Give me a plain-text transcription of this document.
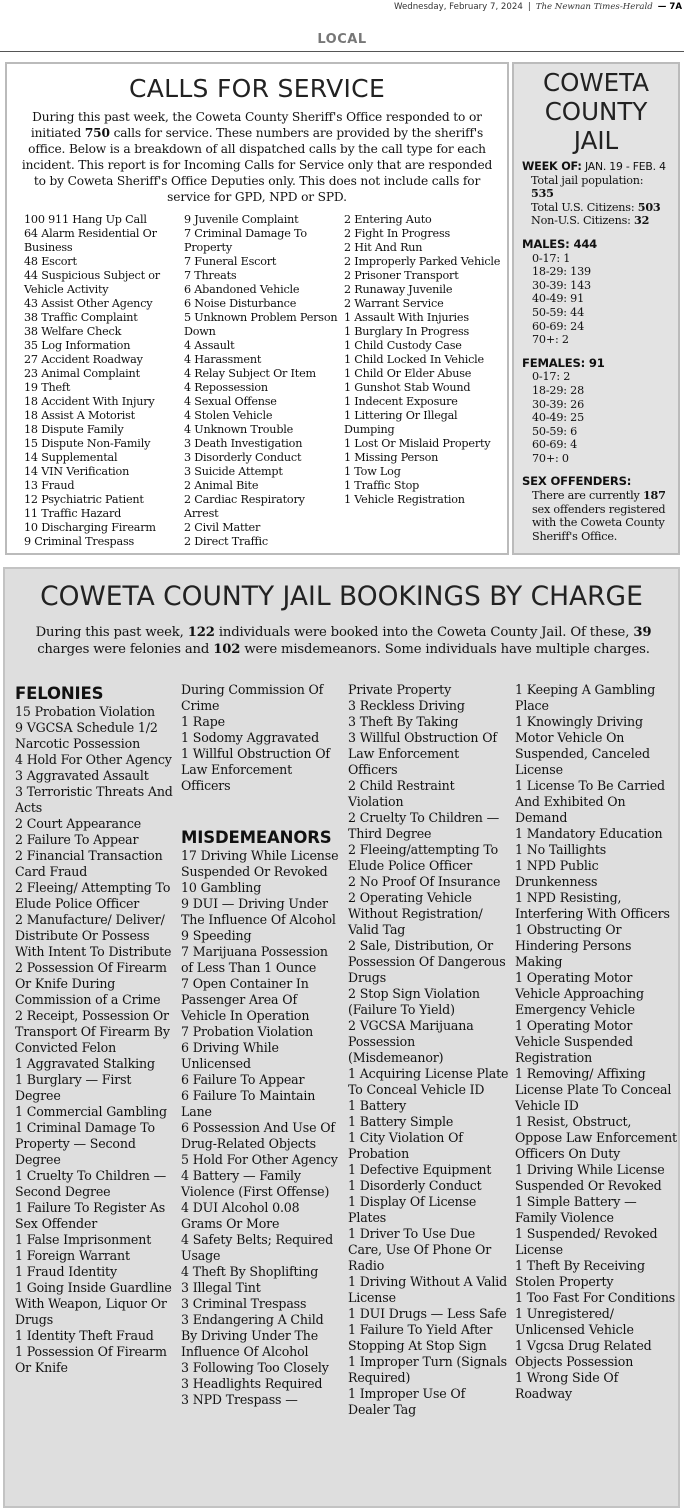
Wednesday, February 7, 2024 | The Newnan Times-Herald — 7A
LOCAL
CALLS FOR SERVICE
During this past week, the Coweta County Sheriff's Office responded to or initiated 750 calls for service. These numbers are provided by the sheriff's office. Below is a breakdown of all dispatched calls by the call type for each incident. This report is for Incoming Calls for Service only that are responded to by Coweta Sheriff's Office Deputies only. This does not include calls for service for GPD, NPD or SPD.
100 911 Hang Up Call
64 Alarm Residential Or Business
48 Escort
44 Suspicious Subject or Vehicle Activity
43 Assist Other Agency
38 Traffic Complaint
38 Welfare Check
35 Log Information
27 Accident Roadway
23 Animal Complaint
19 Theft
18 Accident With Injury
18 Assist A Motorist
18 Dispute Family
15 Dispute Non-Family
14 Supplemental
14 VIN Verification
13 Fraud
12 Psychiatric Patient
11 Traffic Hazard
10 Discharging Firearm
9 Criminal Trespass
9 Juvenile Complaint
7 Criminal Damage To Property
7 Funeral Escort
7 Threats
6 Abandoned Vehicle
6 Noise Disturbance
5 Unknown Problem Person Down
4 Assault
4 Harassment
4 Relay Subject Or Item
4 Repossession
4 Sexual Offense
4 Stolen Vehicle
4 Unknown Trouble
3 Death Investigation
3 Disorderly Conduct
3 Suicide Attempt
2 Animal Bite
2 Cardiac Respiratory Arrest
2 Civil Matter
2 Direct Traffic
2 Entering Auto
2 Fight In Progress
2 Hit And Run
2 Improperly Parked Vehicle
2 Prisoner Transport
2 Runaway Juvenile
2 Warrant Service
1 Assault With Injuries
1 Burglary In Progress
1 Child Custody Case
1 Child Locked In Vehicle
1 Child Or Elder Abuse
1 Gunshot Stab Wound
1 Indecent Exposure
1 Littering Or Illegal Dumping
1 Lost Or Mislaid Property
1 Missing Person
1 Tow Log
1 Traffic Stop
1 Vehicle Registration
COWETA
COUNTY
JAIL
WEEK OF: JAN. 19 - FEB. 4
Total jail population:
535
Total U.S. Citizens: 503
Non-U.S. Citizens: 32
MALES: 444
0-17: 1
18-29: 139
30-39: 143
40-49: 91
50-59: 44
60-69: 24
70+: 2
FEMALES: 91
0-17: 2
18-29: 28
30-39: 26
40-49: 25
50-59: 6
60-69: 4
70+: 0
SEX OFFENDERS:
There are currently 187 sex offenders registered with the Coweta County Sheriff's Office.
COWETA COUNTY JAIL BOOKINGS BY CHARGE
During this past week, 122 individuals were booked into the Coweta County Jail. Of these, 39 charges were felonies and 102 were misdemeanors. Some individuals have multiple charges.
FELONIES
15 Probation Violation
9 VGCSA Schedule 1/2 Narcotic Possession
4 Hold For Other Agency
3 Aggravated Assault
3 Terroristic Threats And Acts
2 Court Appearance
2 Failure To Appear
2 Financial Transaction Card Fraud
2 Fleeing/ Attempting To Elude Police Officer
2 Manufacture/ Deliver/ Distribute Or Possess With Intent To Distribute
2 Possession Of Firearm Or Knife During Commission of a Crime
2 Receipt, Possession Or Transport Of Firearm By Convicted Felon
1 Aggravated Stalking
1 Burglary — First Degree
1 Commercial Gambling
1 Criminal Damage To Property — Second Degree
1 Cruelty To Children — Second Degree
1 Failure To Register As Sex Offender
1 False Imprisonment
1 Foreign Warrant
1 Fraud Identity
1 Going Inside Guardline With Weapon, Liquor Or Drugs
1 Identity Theft Fraud
1 Possession Of Firearm Or Knife
During Commission Of Crime
1 Rape
1 Sodomy Aggravated
1 Willful Obstruction Of Law Enforcement Officers
MISDEMEANORS
17 Driving While License Suspended Or Revoked
10 Gambling
9 DUI — Driving Under The Influence Of Alcohol
9 Speeding
7 Marijuana Possession of Less Than 1 Ounce
7 Open Container In Passenger Area Of Vehicle In Operation
7 Probation Violation
6 Driving While Unlicensed
6 Failure To Appear
6 Failure To Maintain Lane
6 Possession And Use Of Drug-Related Objects
5 Hold For Other Agency
4 Battery — Family Violence (First Offense)
4 DUI Alcohol 0.08 Grams Or More
4 Safety Belts; Required Usage
4 Theft By Shoplifting
3 Illegal Tint
3 Criminal Trespass
3 Endangering A Child By Driving Under The Influence Of Alcohol
3 Following Too Closely
3 Headlights Required
3 NPD Trespass —
Private Property
3 Reckless Driving
3 Theft By Taking
3 Willful Obstruction Of Law Enforcement Officers
2 Child Restraint Violation
2 Cruelty To Children — Third Degree
2 Fleeing/attempting To Elude Police Officer
2 No Proof Of Insurance
2 Operating Vehicle Without Registration/ Valid Tag
2 Sale, Distribution, Or Possession Of Dangerous Drugs
2 Stop Sign Violation (Failure To Yield)
2 VGCSA Marijuana Possession (Misdemeanor)
1 Acquiring License Plate To Conceal Vehicle ID
1 Battery
1 Battery Simple
1 City Violation Of Probation
1 Defective Equipment
1 Disorderly Conduct
1 Display Of License Plates
1 Driver To Use Due Care, Use Of Phone Or Radio
1 Driving Without A Valid License
1 DUI Drugs — Less Safe
1 Failure To Yield After Stopping At Stop Sign
1 Improper Turn (Signals Required)
1 Improper Use Of Dealer Tag
1 Keeping A Gambling Place
1 Knowingly Driving Motor Vehicle On Suspended, Canceled License
1 License To Be Carried And Exhibited On Demand
1 Mandatory Education
1 No Taillights
1 NPD Public Drunkenness
1 NPD Resisting, Interfering With Officers
1 Obstructing Or Hindering Persons Making
1 Operating Motor Vehicle Approaching Emergency Vehicle
1 Operating Motor Vehicle Suspended Registration
1 Removing/ Affixing License Plate To Conceal Vehicle ID
1 Resist, Obstruct, Oppose Law Enforcement Officers On Duty
1 Driving While License Suspended Or Revoked
1 Simple Battery — Family Violence
1 Suspended/ Revoked License
1 Theft By Receiving Stolen Property
1 Too Fast For Conditions
1 Unregistered/ Unlicensed Vehicle
1 Vgcsa Drug Related Objects Possession
1 Wrong Side Of Roadway
